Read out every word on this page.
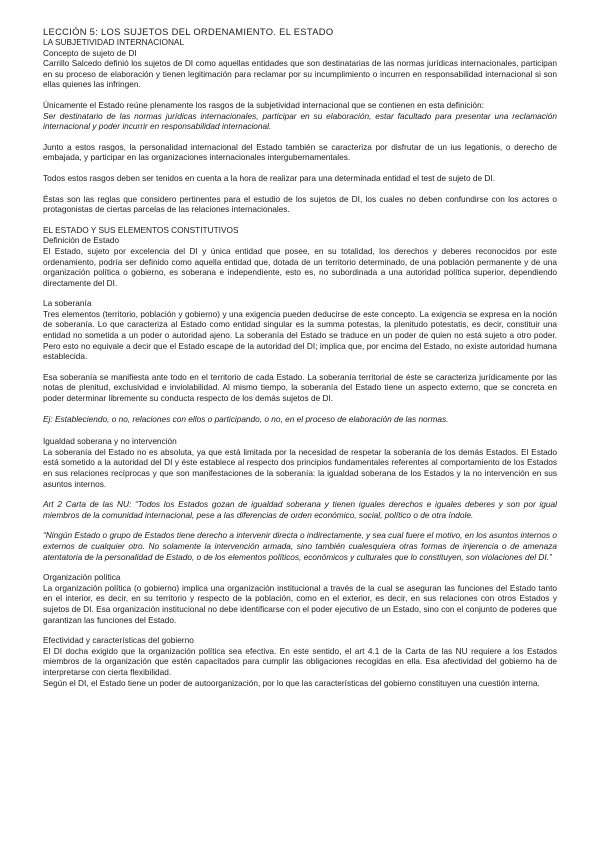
LECCIÓN 5: LOS SUJETOS DEL ORDENAMIENTO. EL ESTADO

LA SUBJETIVIDAD INTERNACIONAL

Concepto de sujeto de DI

Carrillo Salcedo definió los sujetos de DI como aquellas entidades que son destinatarias de las normas jurídicas internacionales, participan en su proceso de elaboración y tienen legitimación para reclamar por su incumplimiento o incurren en responsabilidad internacional si son ellas quienes las infringen.

Únicamente el Estado reúne plenamente los rasgos de la subjetividad internacional que se contienen en esta definición:

Ser destinatario de las normas jurídicas internacionales, participar en su elaboración, estar facultado para presentar una reclamación internacional y poder incurrir en responsabilidad internacional.

Junto a estos rasgos, la personalidad internacional del Estado también se caracteriza por disfrutar de un ius legationis, o derecho de embajada, y participar en las organizaciones internacionales intergubernamentales.

Todos estos rasgos deben ser tenidos en cuenta a la hora de realizar para una determinada entidad el test de sujeto de DI.

Éstas son las reglas que considero pertinentes para el estudio de los sujetos de DI, los cuales no deben confundirse con los actores o protagonistas de ciertas parcelas de las relaciones internacionales.

EL ESTADO Y SUS ELEMENTOS CONSTITUTIVOS

Definición de Estado

El Estado, sujeto por excelencia del DI y única entidad que posee, en su totalidad, los derechos y deberes reconocidos por este ordenamiento, podría ser definido como aquella entidad que, dotada de un territorio determinado, de una población permanente y de una organización política o gobierno, es soberana e independiente, esto es, no subordinada a una autoridad política superior, dependiendo directamente del DI.

La soberanía

Tres elementos (territorio, población y gobierno) y una exigencia pueden deducirse de este concepto. La exigencia se expresa en la noción de soberanía. Lo que caracteriza al Estado como entidad singular es la summa potestas, la plenitudo potestatis, es decir, constituir una entidad no sometida a un poder o autoridad ajeno. La soberanía del Estado se traduce en un poder de quien no está sujeto a otro poder. Pero esto no equivale a decir que el Estado escape de la autoridad del DI; implica que, por encima del Estado, no existe autoridad humana establecida.

Esa soberanía se manifiesta ante todo en el territorio de cada Estado. La soberanía territorial de éste se caracteriza jurídicamente por las notas de plenitud, exclusividad e inviolabilidad. Al mismo tiempo, la soberanía del Estado tiene un aspecto externo, que se concreta en poder determinar libremente su conducta respecto de los demás sujetos de DI.

Ej: Estableciendo, o no, relaciones con ellos o participando, o no, en el proceso de elaboración de las normas.

Igualdad soberana y no intervención

La soberanía del Estado no es absoluta, ya que está limitada por la necesidad de respetar la soberanía de los demás Estados. El Estado está sometido a la autoridad del DI y éste establece al respecto dos principios fundamentales referentes al comportamiento de los Estados en sus relaciones recíprocas y que son manifestaciones de la soberanía: la igualdad soberana de los Estados y la no intervención en sus asuntos internos.

Art 2 Carta de las NU: “Todos los Estados gozan de igualdad soberana y tienen iguales derechos e iguales deberes y son por igual miembros de la comunidad internacional, pese a las diferencias de orden económico, social, político o de otra índole.

“Ningún Estado o grupo de Estados tiene derecho a intervenir directa o indirectamente, y sea cual fuere el motivo, en los asuntos internos o externos de cualquier otro. No solamente la intervención armada, sino también cualesquiera otras formas de injerencia o de amenaza atentatoria de la personalidad de Estado, o de los elementos políticos, económicos y culturales que lo constituyen, son violaciones del DI.”

Organización política

La organización política (o gobierno) implica una organización institucional a través de la cual se aseguran las funciones del Estado tanto en el interior, es decir, en su territorio y respecto de la población, como en el exterior, es decir, en sus relaciones con otros Estados y sujetos de DI. Esa organización institucional no debe identificarse con el poder ejecutivo de un Estado, sino con el conjunto de poderes que garantizan las funciones del Estado.

Efectividad y características del gobierno

El DI docha exigido que la organización política sea efectiva. En este sentido, el art 4.1 de la Carta de las NU requiere a los Estados miembros de la organización que estén capacitados para cumplir las obligaciones recogidas en ella. Esa afectividad del gobierno ha de interpretarse con cierta flexibilidad.

Según el DI, el Estado tiene un poder de autoorganización, por lo que las características del gobierno constituyen una cuestión interna.
